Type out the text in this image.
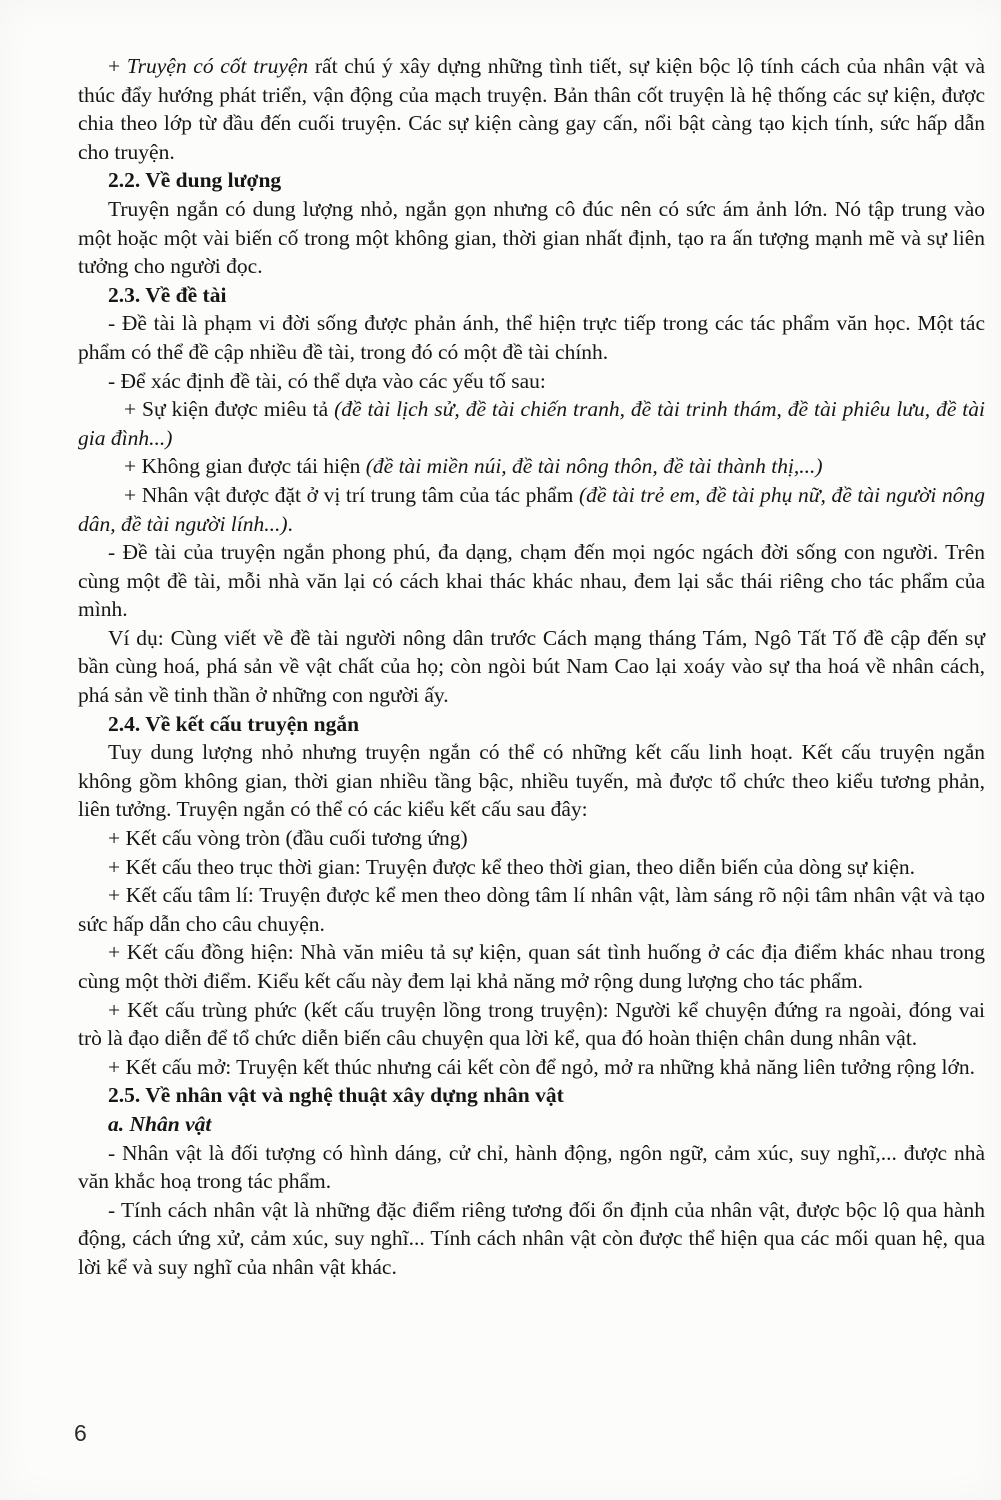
+ Truyện có cốt truyện rất chú ý xây dựng những tình tiết, sự kiện bộc lộ tính cách của nhân vật và thúc đẩy hướng phát triển, vận động của mạch truyện. Bản thân cốt truyện là hệ thống các sự kiện, được chia theo lớp từ đầu đến cuối truyện. Các sự kiện càng gay cấn, nổi bật càng tạo kịch tính, sức hấp dẫn cho truyện.

2.2. Về dung lượng

Truyện ngắn có dung lượng nhỏ, ngắn gọn nhưng cô đúc nên có sức ám ảnh lớn. Nó tập trung vào một hoặc một vài biến cố trong một không gian, thời gian nhất định, tạo ra ấn tượng mạnh mẽ và sự liên tưởng cho người đọc.

2.3. Về đề tài

- Đề tài là phạm vi đời sống được phản ánh, thể hiện trực tiếp trong các tác phẩm văn học. Một tác phẩm có thể đề cập nhiều đề tài, trong đó có một đề tài chính.

- Để xác định đề tài, có thể dựa vào các yếu tố sau:

+ Sự kiện được miêu tả (đề tài lịch sử, đề tài chiến tranh, đề tài trinh thám, đề tài phiêu lưu, đề tài gia đình...)

+ Không gian được tái hiện (đề tài miền núi, đề tài nông thôn, đề tài thành thị,...)

+ Nhân vật được đặt ở vị trí trung tâm của tác phẩm (đề tài trẻ em, đề tài phụ nữ, đề tài người nông dân, đề tài người lính...).

- Đề tài của truyện ngắn phong phú, đa dạng, chạm đến mọi ngóc ngách đời sống con người. Trên cùng một đề tài, mỗi nhà văn lại có cách khai thác khác nhau, đem lại sắc thái riêng cho tác phẩm của mình.

Ví dụ: Cùng viết về đề tài người nông dân trước Cách mạng tháng Tám, Ngô Tất Tố đề cập đến sự bần cùng hoá, phá sản về vật chất của họ; còn ngòi bút Nam Cao lại xoáy vào sự tha hoá về nhân cách, phá sản về tinh thần ở những con người ấy.

2.4. Về kết cấu truyện ngắn

Tuy dung lượng nhỏ nhưng truyện ngắn có thể có những kết cấu linh hoạt. Kết cấu truyện ngắn không gồm không gian, thời gian nhiều tầng bậc, nhiều tuyến, mà được tổ chức theo kiểu tương phản, liên tưởng. Truyện ngắn có thể có các kiểu kết cấu sau đây:

+ Kết cấu vòng tròn (đầu cuối tương ứng)

+ Kết cấu theo trục thời gian: Truyện được kể theo thời gian, theo diễn biến của dòng sự kiện.

+ Kết cấu tâm lí: Truyện được kể men theo dòng tâm lí nhân vật, làm sáng rõ nội tâm nhân vật và tạo sức hấp dẫn cho câu chuyện.

+ Kết cấu đồng hiện: Nhà văn miêu tả sự kiện, quan sát tình huống ở các địa điểm khác nhau trong cùng một thời điểm. Kiểu kết cấu này đem lại khả năng mở rộng dung lượng cho tác phẩm.

+ Kết cấu trùng phức (kết cấu truyện lồng trong truyện): Người kể chuyện đứng ra ngoài, đóng vai trò là đạo diễn để tổ chức diễn biến câu chuyện qua lời kể, qua đó hoàn thiện chân dung nhân vật.

+ Kết cấu mở: Truyện kết thúc nhưng cái kết còn để ngỏ, mở ra những khả năng liên tưởng rộng lớn.

2.5. Về nhân vật và nghệ thuật xây dựng nhân vật

a. Nhân vật

- Nhân vật là đối tượng có hình dáng, cử chỉ, hành động, ngôn ngữ, cảm xúc, suy nghĩ,... được nhà văn khắc hoạ trong tác phẩm.

- Tính cách nhân vật là những đặc điểm riêng tương đối ổn định của nhân vật, được bộc lộ qua hành động, cách ứng xử, cảm xúc, suy nghĩ... Tính cách nhân vật còn được thể hiện qua các mối quan hệ, qua lời kể và suy nghĩ của nhân vật khác.

6
